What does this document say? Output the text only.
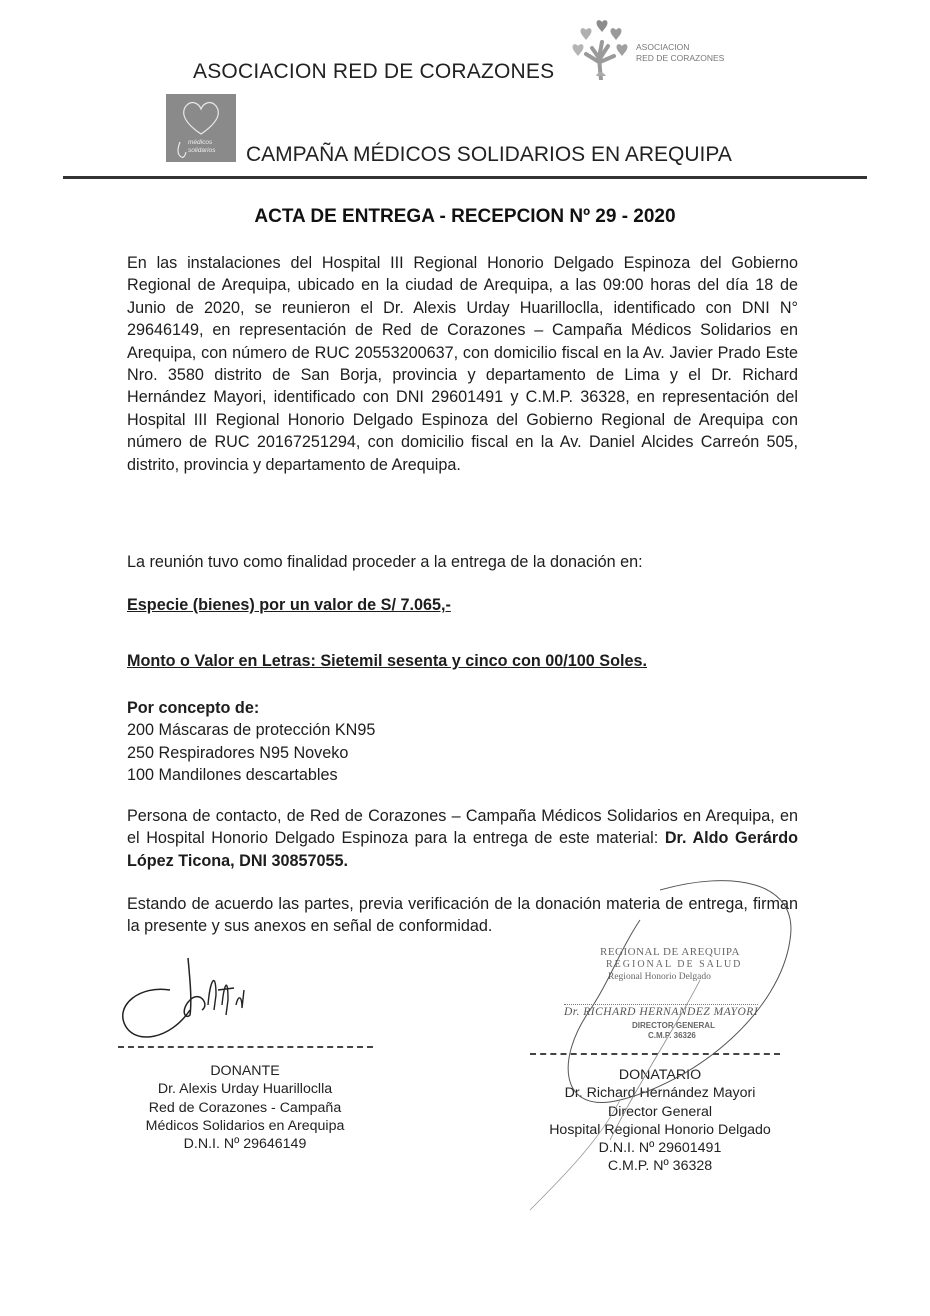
ASOCIACION RED DE CORAZONES
ASOCIACION
RED DE CORAZONES
médicos
solidarios CAMPAÑA MÉDICOS SOLIDARIOS EN AREQUIPA
ACTA DE ENTREGA - RECEPCION Nº 29 - 2020
En las instalaciones del Hospital III Regional Honorio Delgado Espinoza del Gobierno Regional de Arequipa, ubicado en la ciudad de Arequipa, a las 09:00 horas del día 18 de Junio de 2020, se reunieron el Dr. Alexis Urday Huarilloclla, identificado con DNI N° 29646149, en representación de Red de Corazones – Campaña Médicos Solidarios en Arequipa, con número de RUC 20553200637, con domicilio fiscal en la Av. Javier Prado Este Nro. 3580 distrito de San Borja, provincia y departamento de Lima y el Dr. Richard Hernández Mayori, identificado con DNI 29601491 y C.M.P. 36328, en representación del Hospital III Regional Honorio Delgado Espinoza del Gobierno Regional de Arequipa con número de RUC 20167251294, con domicilio fiscal en la Av. Daniel Alcides Carreón 505, distrito, provincia y departamento de Arequipa.
La reunión tuvo como finalidad proceder a la entrega de la donación en:
Especie (bienes) por un valor de S/ 7.065,-
Monto o Valor en Letras: Sietemil sesenta y cinco con 00/100 Soles.
Por concepto de:
200 Máscaras de protección KN95
250 Respiradores N95 Noveko
100 Mandilones descartables
Persona de contacto, de Red de Corazones – Campaña Médicos Solidarios en Arequipa, en el Hospital Honorio Delgado Espinoza para la entrega de este material: Dr. Aldo Gerárdo López Ticona, DNI 30857055.
Estando de acuerdo las partes, previa verificación de la donación materia de entrega, firman la presente y sus anexos en señal de conformidad.
DONANTE
Dr. Alexis Urday Huarilloclla
Red de Corazones - Campaña
Médicos Solidarios en Arequipa
D.N.I. Nº 29646149
REGIONAL DE AREQUIPA
REGIONAL DE SALUD
Regional Honorio Delgado
Dr. RICHARD HERNANDEZ MAYORI
DIRECTOR GENERAL
C.M.P. 36326
DONATARIO
Dr. Richard Hernández Mayori
Director General
Hospital Regional Honorio Delgado
D.N.I. Nº 29601491
C.M.P. Nº 36328
